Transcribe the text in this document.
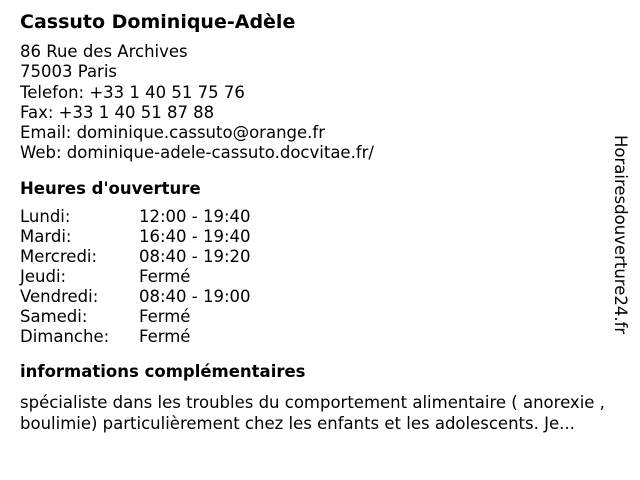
Cassuto Dominique-Adèle
86 Rue des Archives
75003 Paris
Telefon: +33 1 40 51 75 76
Fax: +33 1 40 51 87 88
Email: dominique.cassuto@orange.fr
Web: dominique-adele-cassuto.docvitae.fr/
Heures d'ouverture
Lundi:	12:00 - 19:40
Mardi:	16:40 - 19:40
Mercredi:	08:40 - 19:20
Jeudi:	Fermé
Vendredi:	08:40 - 19:00
Samedi:	Fermé
Dimanche:	Fermé
informations complémentaires
spécialiste dans les troubles du comportement alimentaire ( anorexie , boulimie) particulièrement chez les enfants et les adolescents. Je...
Horairesdouverture24.fr
